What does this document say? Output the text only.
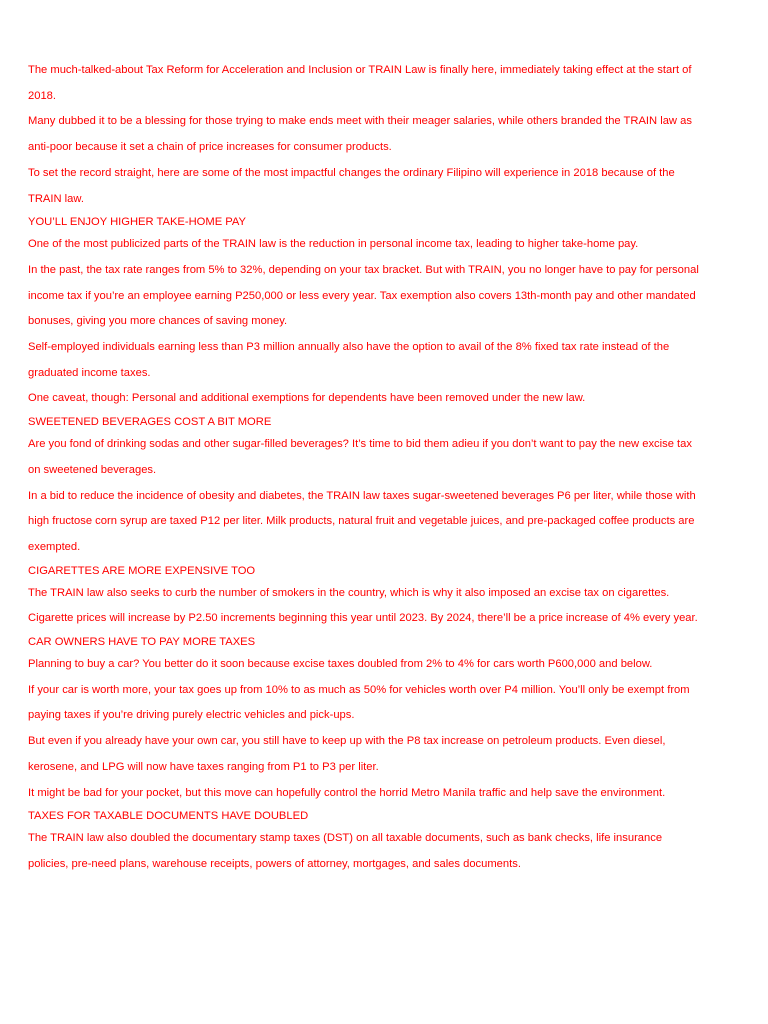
The much-talked-about Tax Reform for Acceleration and Inclusion or TRAIN Law is finally here, immediately taking effect at the start of 2018.

Many dubbed it to be a blessing for those trying to make ends meet with their meager salaries, while others branded the TRAIN law as anti-poor because it set a chain of price increases for consumer products.

To set the record straight, here are some of the most impactful changes the ordinary Filipino will experience in 2018 because of the TRAIN law.

YOU’LL ENJOY HIGHER TAKE-HOME PAY

One of the most publicized parts of the TRAIN law is the reduction in personal income tax, leading to higher take-home pay.

In the past, the tax rate ranges from 5% to 32%, depending on your tax bracket. But with TRAIN, you no longer have to pay for personal income tax if you’re an employee earning P250,000 or less every year. Tax exemption also covers 13th-month pay and other mandated bonuses, giving you more chances of saving money.

Self-employed individuals earning less than P3 million annually also have the option to avail of the 8% fixed tax rate instead of the graduated income taxes.

One caveat, though: Personal and additional exemptions for dependents have been removed under the new law.

SWEETENED BEVERAGES COST A BIT MORE

Are you fond of drinking sodas and other sugar-filled beverages? It’s time to bid them adieu if you don’t want to pay the new excise tax on sweetened beverages.

In a bid to reduce the incidence of obesity and diabetes, the TRAIN law taxes sugar-sweetened beverages P6 per liter, while those with high fructose corn syrup are taxed P12 per liter. Milk products, natural fruit and vegetable juices, and pre-packaged coffee products are exempted.

CIGARETTES ARE MORE EXPENSIVE TOO

The TRAIN law also seeks to curb the number of smokers in the country, which is why it also imposed an excise tax on cigarettes.

Cigarette prices will increase by P2.50 increments beginning this year until 2023. By 2024, there’ll be a price increase of 4% every year.

CAR OWNERS HAVE TO PAY MORE TAXES

Planning to buy a car? You better do it soon because excise taxes doubled from 2% to 4% for cars worth P600,000 and below.

If your car is worth more, your tax goes up from 10% to as much as 50% for vehicles worth over P4 million. You’ll only be exempt from paying taxes if you’re driving purely electric vehicles and pick-ups.

But even if you already have your own car, you still have to keep up with the P8 tax increase on petroleum products. Even diesel, kerosene, and LPG will now have taxes ranging from P1 to P3 per liter.

It might be bad for your pocket, but this move can hopefully control the horrid Metro Manila traffic and help save the environment.

TAXES FOR TAXABLE DOCUMENTS HAVE DOUBLED

The TRAIN law also doubled the documentary stamp taxes (DST) on all taxable documents, such as bank checks, life insurance policies, pre-need plans, warehouse receipts, powers of attorney, mortgages, and sales documents.
